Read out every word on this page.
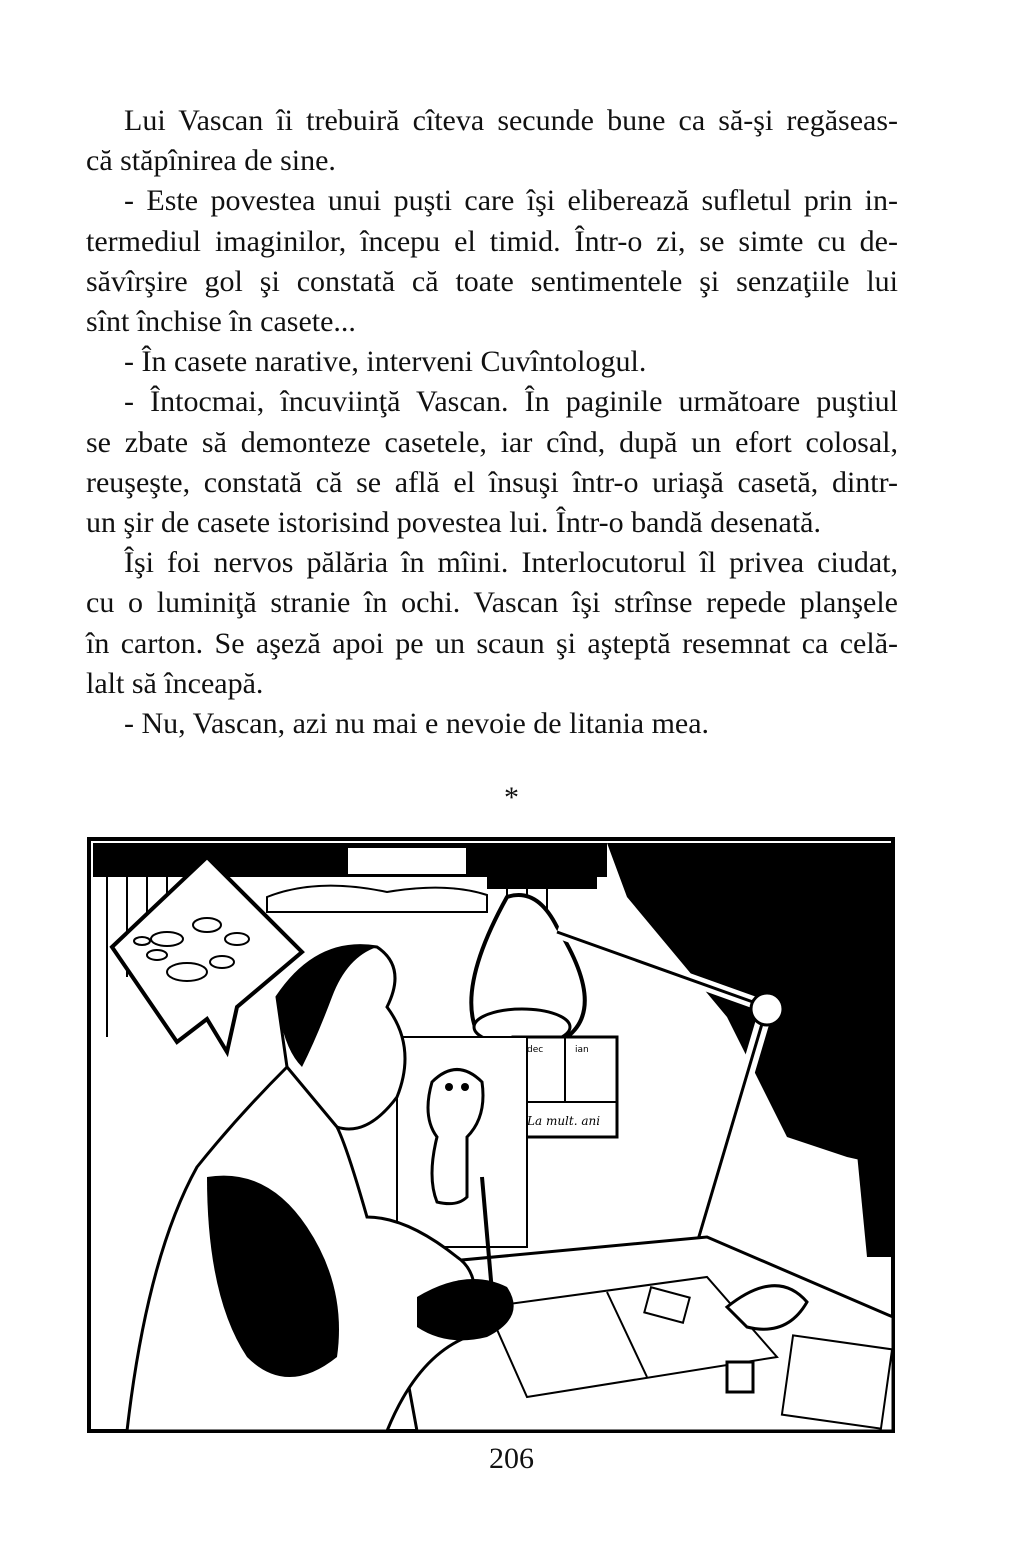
Lui Vascan îi trebuiră cîteva secunde bune ca să-şi regăseas-

că stăpînirea de sine.

- Este povestea unui puşti care îşi eliberează sufletul prin in-

termediul imaginilor, începu el timid. Într-o zi, se simte cu de-

săvîrşire gol şi constată că toate sentimentele şi senzaţiile lui

sînt închise în casete...

- În casete narative, interveni Cuvîntologul.

- Întocmai, încuviinţă Vascan. În paginile următoare puştiul

se zbate să demonteze casetele, iar cînd, după un efort colosal,

reuşeşte, constată că se află el însuşi într-o uriaşă casetă, dintr-

un şir de casete istorisind povestea lui. Într-o bandă desenată.

Îşi foi nervos pălăria în mîini. Interlocutorul îl privea ciudat,

cu o luminiţă stranie în ochi. Vascan îşi strînse repede planşele

în carton. Se aşeză apoi pe un scaun şi aşteptă resemnat ca celă-

lalt să înceapă.

- Nu, Vascan, azi nu mai e nevoie de litania mea.

*
dec	ian
La mult. ani
206
